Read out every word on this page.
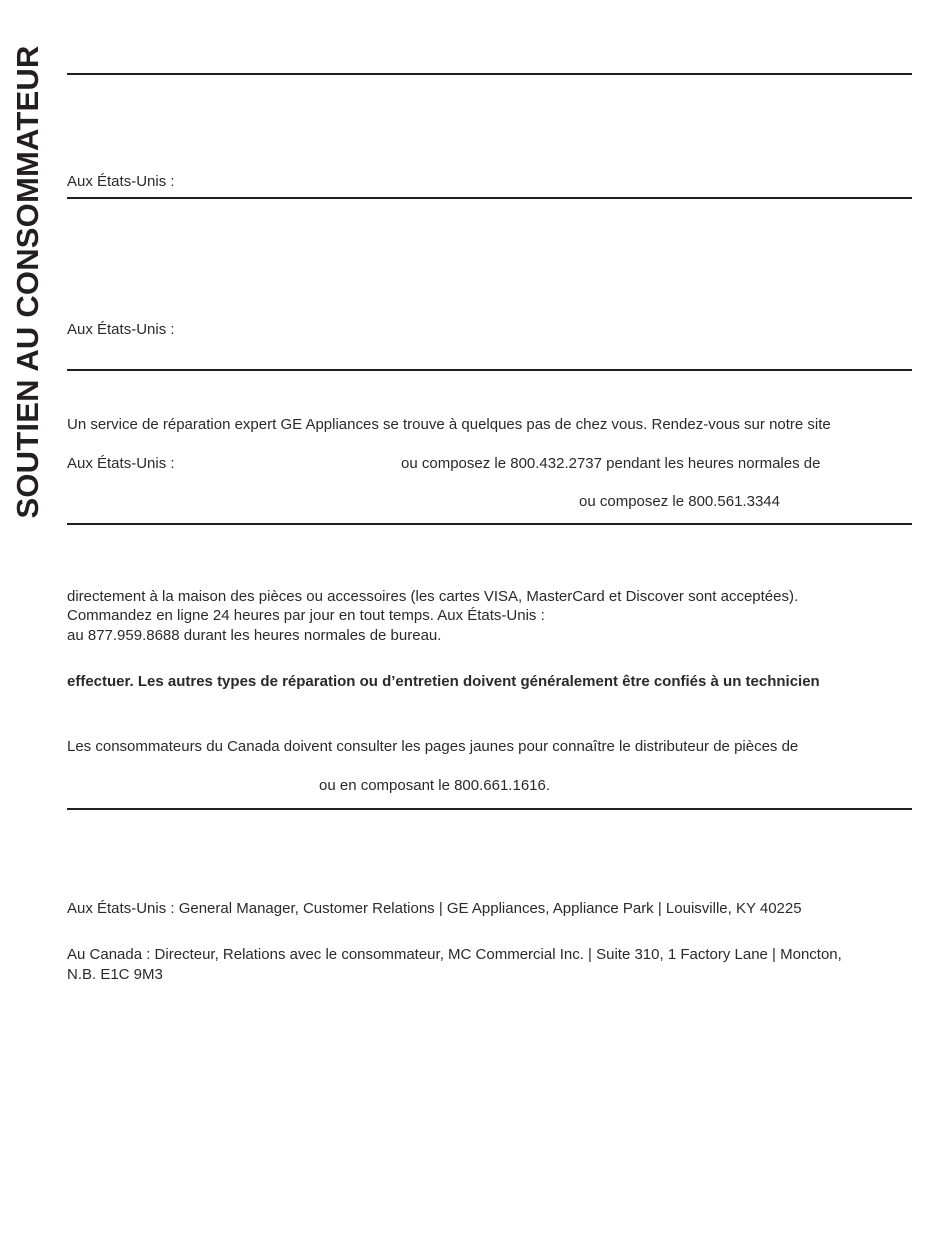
SOUTIEN AU CONSOMMATEUR Aux États-Unis :
Aux États-Unis :
Un service de réparation expert GE Appliances se trouve à quelques pas de chez vous. Rendez-vous sur notre site
Aux États-Unis :	ou composez le 800.432.2737 pendant les heures normales de
ou composez le 800.561.3344
directement à la maison des pièces ou accessoires (les cartes VISA, MasterCard et Discover sont acceptées).
Commandez en ligne 24 heures par jour en tout temps. Aux États-Unis :
au 877.959.8688 durant les heures normales de bureau.
effectuer. Les autres types de réparation ou d’entretien doivent généralement être confiés à un technicien
Les consommateurs du Canada doivent consulter les pages jaunes pour connaître le distributeur de pièces de
ou en composant le 800.661.1616.
Aux États-Unis : General Manager, Customer Relations | GE Appliances, Appliance Park | Louisville, KY 40225
Au Canada : Directeur, Relations avec le consommateur, MC Commercial Inc. | Suite 310, 1 Factory Lane | Moncton,
N.B. E1C 9M3
